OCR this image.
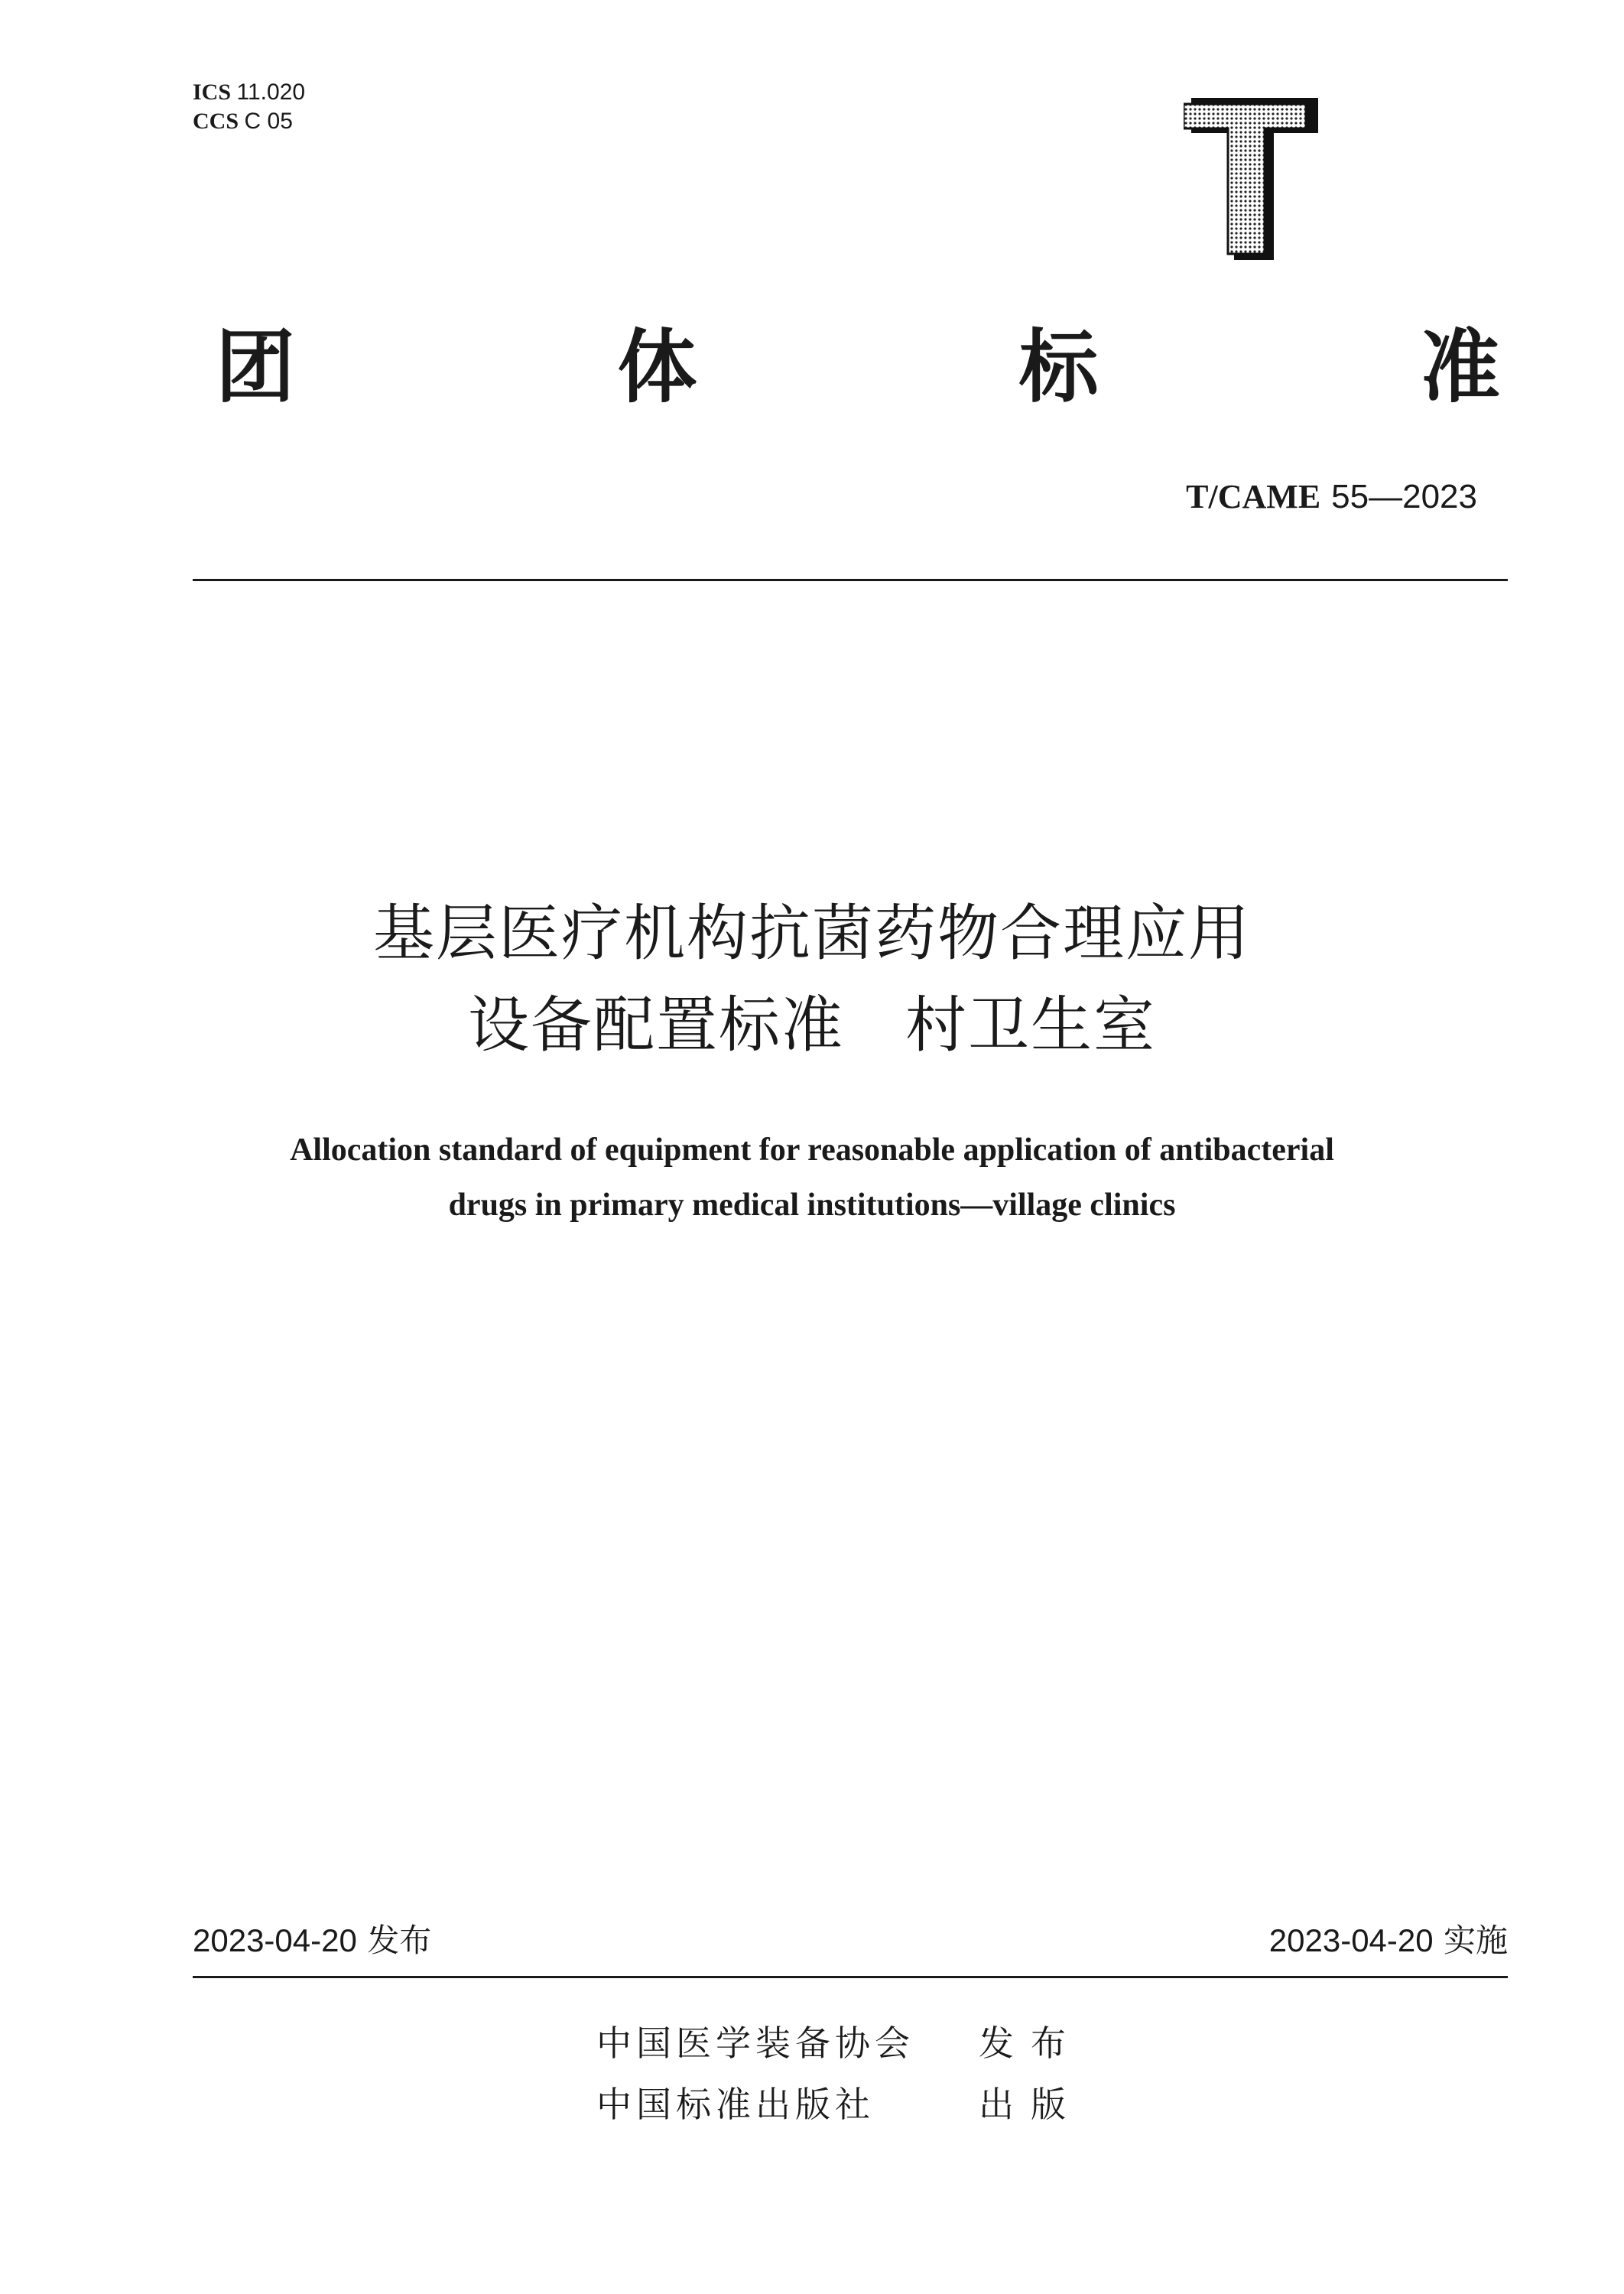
ICS 11.020
CCS C 05
团	体	标	准
T/CAME 55—2023
基层医疗机构抗菌药物合理应用
设备配置标准 村卫生室
Allocation standard of equipment for reasonable application of antibacterial
drugs in primary medical institutions—village clinics
2023-04-20 发布	2023-04-20 实施
中国医学装备协会	发布
中国标准出版社	出版
